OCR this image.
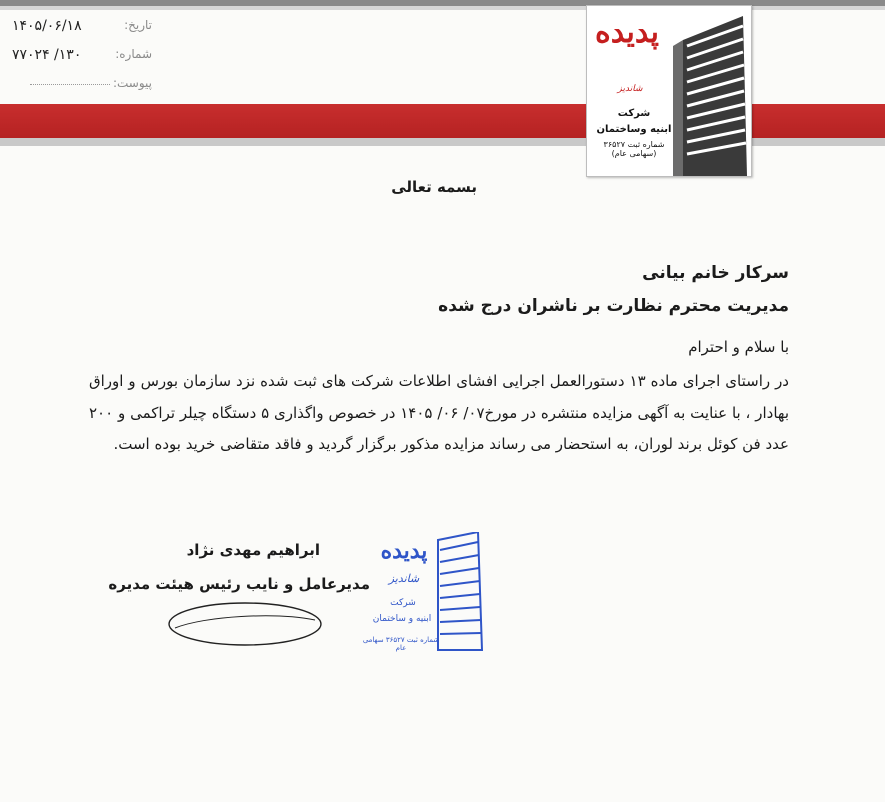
تاریخ:
۱۴۰۵/۰۶/۱۸
شماره:
۱۳۰/ ۷۷۰۲۴
پیوست:
پدیده
شاندیز
شرکت
ابنیه وساختمان
شماره ثبت ۳۶۵۲۷ (سهامی عام)
بسمه تعالی
سرکار خانم بیانی
مدیریت محترم نظارت بر ناشران درج شده
با سلام و احترام
در راستای اجرای ماده ۱۳ دستورالعمل اجرایی افشای اطلاعات شرکت های ثبت شده نزد سازمان بورس و اوراق بهادار ، با عنایت به آگهی مزایده منتشره در مورخ۰۷/ ۰۶/ ۱۴۰۵ در خصوص واگذاری ۵ دستگاه چیلر تراکمی و ۲۰۰ عدد فن کوئل برند لوران، به استحضار می رساند مزایده مذکور برگزار گردید و فاقد متقاضی خرید بوده است.
ابراهیم مهدی نژاد
مدیرعامل و نایب رئیس هیئت مدیره
پدیده
شاندیز
شرکت
ابنیه و ساختمان
شماره ثبت ۳۶۵۲۷ سهامی عام
